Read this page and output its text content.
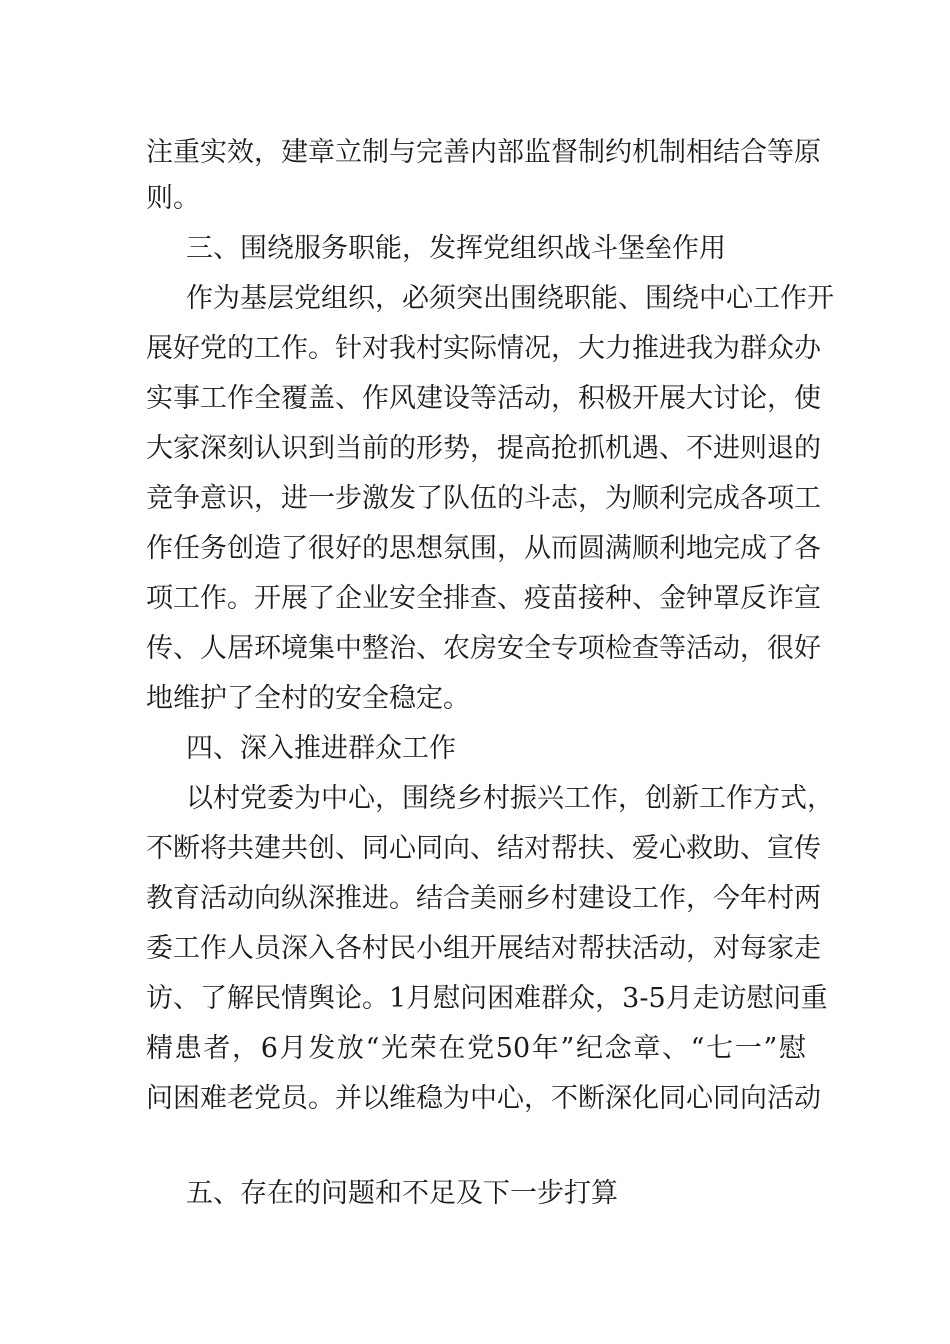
注重实效，建章立制与完善内部监督制约机制相结合等原
则。
三、围绕服务职能，发挥党组织战斗堡垒作用
作为基层党组织，必须突出围绕职能、围绕中心工作开
展好党的工作。针对我村实际情况，大力推进我为群众办
实事工作全覆盖、作风建设等活动，积极开展大讨论，使
大家深刻认识到当前的形势，提高抢抓机遇、不进则退的
竞争意识，进一步激发了队伍的斗志，为顺利完成各项工
作任务创造了很好的思想氛围，从而圆满顺利地完成了各
项工作。开展了企业安全排查、疫苗接种、金钟罩反诈宣
传、人居环境集中整治、农房安全专项检查等活动，很好
地维护了全村的安全稳定。
四、深入推进群众工作
以村党委为中心，围绕乡村振兴工作，创新工作方式，
不断将共建共创、同心同向、结对帮扶、爱心救助、宣传
教育活动向纵深推进。结合美丽乡村建设工作，今年村两
委工作人员深入各村民小组开展结对帮扶活动，对每家走
访、了解民情舆论。1月慰问困难群众，3-5月走访慰问重
精患者，6月发放“光荣在党50年”纪念章、“七一”慰
问困难老党员。并以维稳为中心，不断深化同心同向活动
五、存在的问题和不足及下一步打算
